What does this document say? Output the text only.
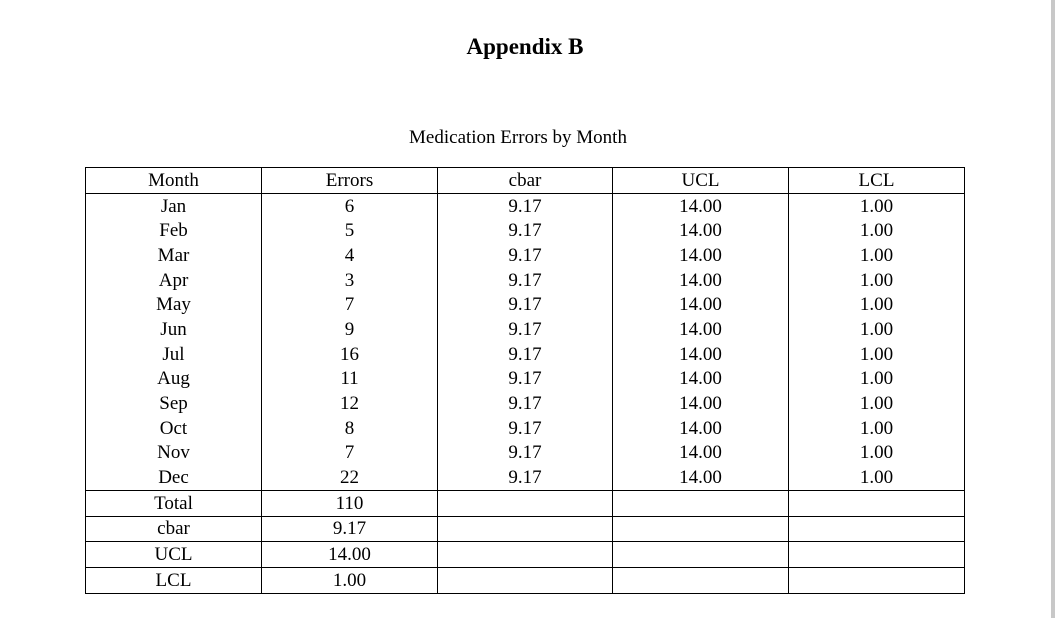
Appendix B
Medication Errors by Month
Month	Errors	cbar	UCL	LCL
Jan	6	9.17	14.00	1.00
Feb	5	9.17	14.00	1.00
Mar	4	9.17	14.00	1.00
Apr	3	9.17	14.00	1.00
May	7	9.17	14.00	1.00
Jun	9	9.17	14.00	1.00
Jul	16	9.17	14.00	1.00
Aug	11	9.17	14.00	1.00
Sep	12	9.17	14.00	1.00
Oct	8	9.17	14.00	1.00
Nov	7	9.17	14.00	1.00
Dec	22	9.17	14.00	1.00
Total	110			
cbar	9.17			
UCL	14.00			
LCL	1.00			
